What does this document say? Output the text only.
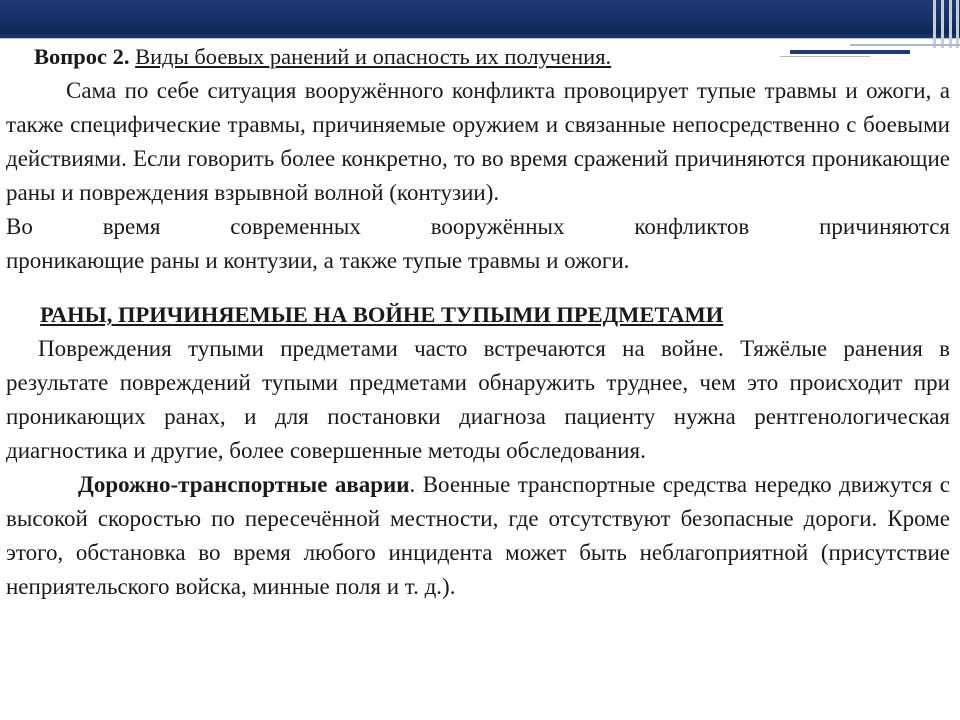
Вопрос 2. Виды боевых ранений и опасность их получения.

Сама по себе ситуация вооружённого конфликта провоцирует тупые травмы и ожоги, а также специфические травмы, причиняемые оружием и связанные непосредственно с боевыми действиями. Если говорить более конкретно, то во время сражений причиняются проникающие раны и повреждения взрывной волной (контузии).

Во время современных вооружённых конфликтов причиняются

проникающие раны и контузии, а также тупые травмы и ожоги.

РАНЫ, ПРИЧИНЯЕМЫЕ НА ВОЙНЕ ТУПЫМИ ПРЕДМЕТАМИ

Повреждения тупыми предметами часто встречаются на войне. Тяжёлые ранения в результате повреждений тупыми предметами обнаружить труднее, чем это происходит при проникающих ранах, и для постановки диагноза пациенту нужна рентгенологическая диагностика и другие, более совершенные методы обследования.

Дорожно-транспортные аварии. Военные транспортные средства нередко движутся с высокой скоростью по пересечённой местности, где отсутствуют безопасные дороги. Кроме этого, обстановка во время любого инцидента может быть неблагоприятной (присутствие неприятельского войска, минные поля и т. д.).
